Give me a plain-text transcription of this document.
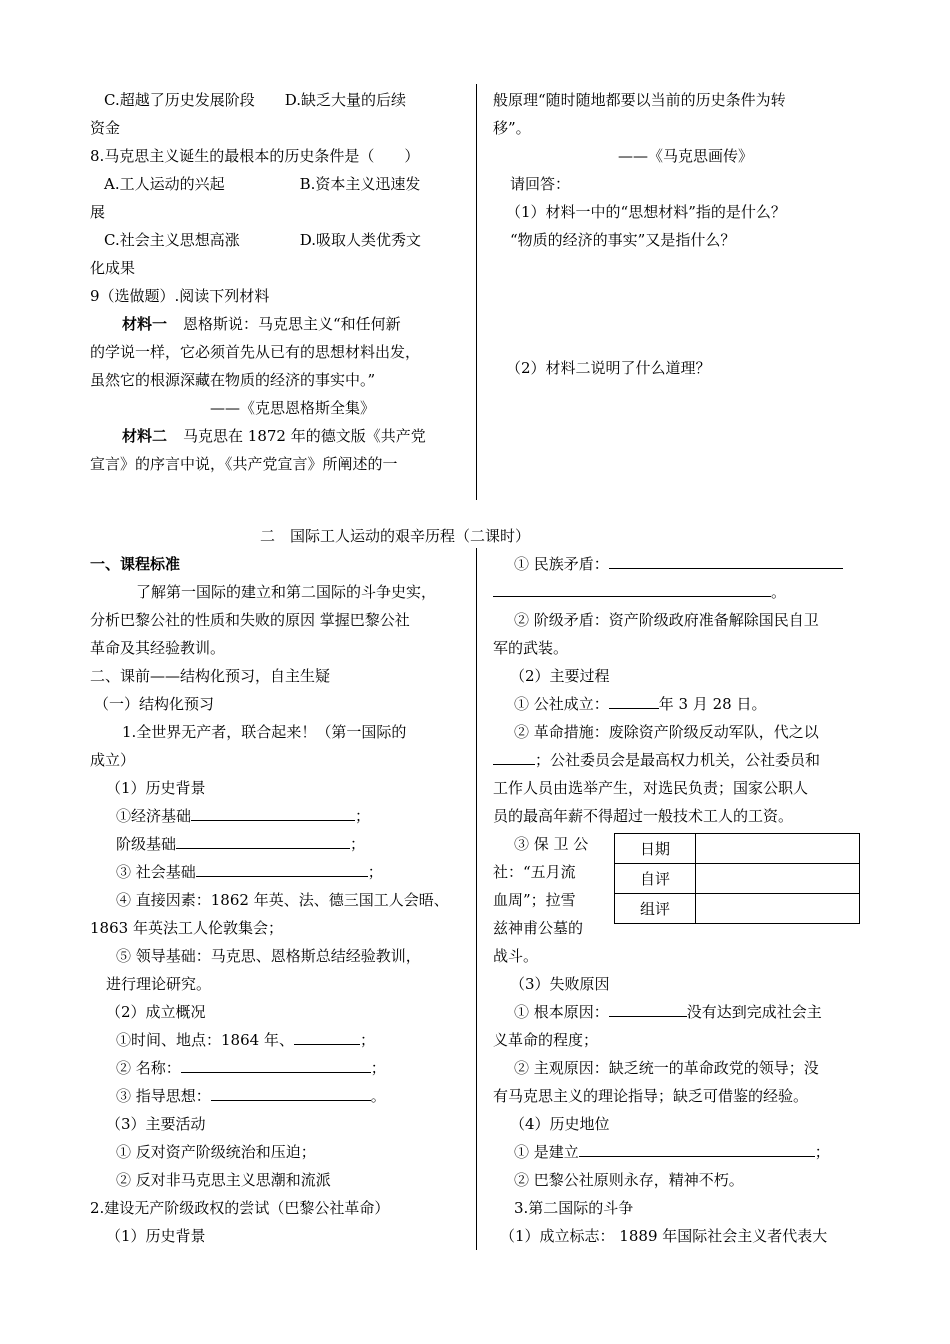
C.超越了历史发展阶段　　D.缺乏大量的后续
资金
8.马克思主义诞生的最根本的历史条件是（　　）
A.工人运动的兴起　　　　　B.资本主义迅速发
展
C.社会主义思想高涨　　　　D.吸取人类优秀文
化成果
9（选做题）.阅读下列材料
材料一 恩格斯说：马克思主义“和任何新
的学说一样，它必须首先从已有的思想材料出发，
虽然它的根源深藏在物质的经济的事实中。”
——《克思恩格斯全集》
材料二 马克思在 1872 年的德文版《共产党
宣言》的序言中说，《共产党宣言》所阐述的一
般原理“随时随地都要以当前的历史条件为转
移”。
——《马克思画传》
请回答：
（1）材料一中的“思想材料”指的是什么？
“物质的经济的事实”又是指什么？
（2）材料二说明了什么道理？
二　国际工人运动的艰辛历程（二课时）
一、课程标准
了解第一国际的建立和第二国际的斗争史实，
分析巴黎公社的性质和失败的原因 掌握巴黎公社
革命及其经验教训。
二、课前——结构化预习，自主生疑
（一）结构化预习
1.全世界无产者，联合起来！（第一国际的
成立）
（1）历史背景
①经济基础	；
阶级基础	；
③ 社会基础	；
④ 直接因素：1862 年英、法、德三国工人会晤、
1863 年英法工人伦敦集会；
⑤ 领导基础：马克思、恩格斯总结经验教训，
进行理论研究。
（2）成立概况
①时间、地点：1864 年、	；
② 名称：	；
③ 指导思想：	。
（3）主要活动
① 反对资产阶级统治和压迫；
② 反对非马克思主义思潮和流派
2.建设无产阶级政权的尝试（巴黎公社革命）
（1）历史背景
① 民族矛盾：
。
② 阶级矛盾：资产阶级政府准备解除国民自卫
军的武装。
（2）主要过程
① 公社成立：	年 3 月 28 日。
② 革命措施：废除资产阶级反动军队，代之以
；公社委员会是最高权力机关，公社委员和
工作人员由选举产生，对选民负责；国家公职人
员的最高年薪不得超过一般技术工人的工资。
③ 保 卫 公
社：“五月流
血周”；拉雪
兹神甫公墓的
战斗。
日期	
自评	
组评	
（3）失败原因
① 根本原因：	没有达到完成社会主
义革命的程度；
② 主观原因：缺乏统一的革命政党的领导；没
有马克思主义的理论指导；缺乏可借鉴的经验。
（4）历史地位
① 是建立	；
② 巴黎公社原则永存，精神不朽。
3.第二国际的斗争
（1）成立标志： 1889 年国际社会主义者代表大
